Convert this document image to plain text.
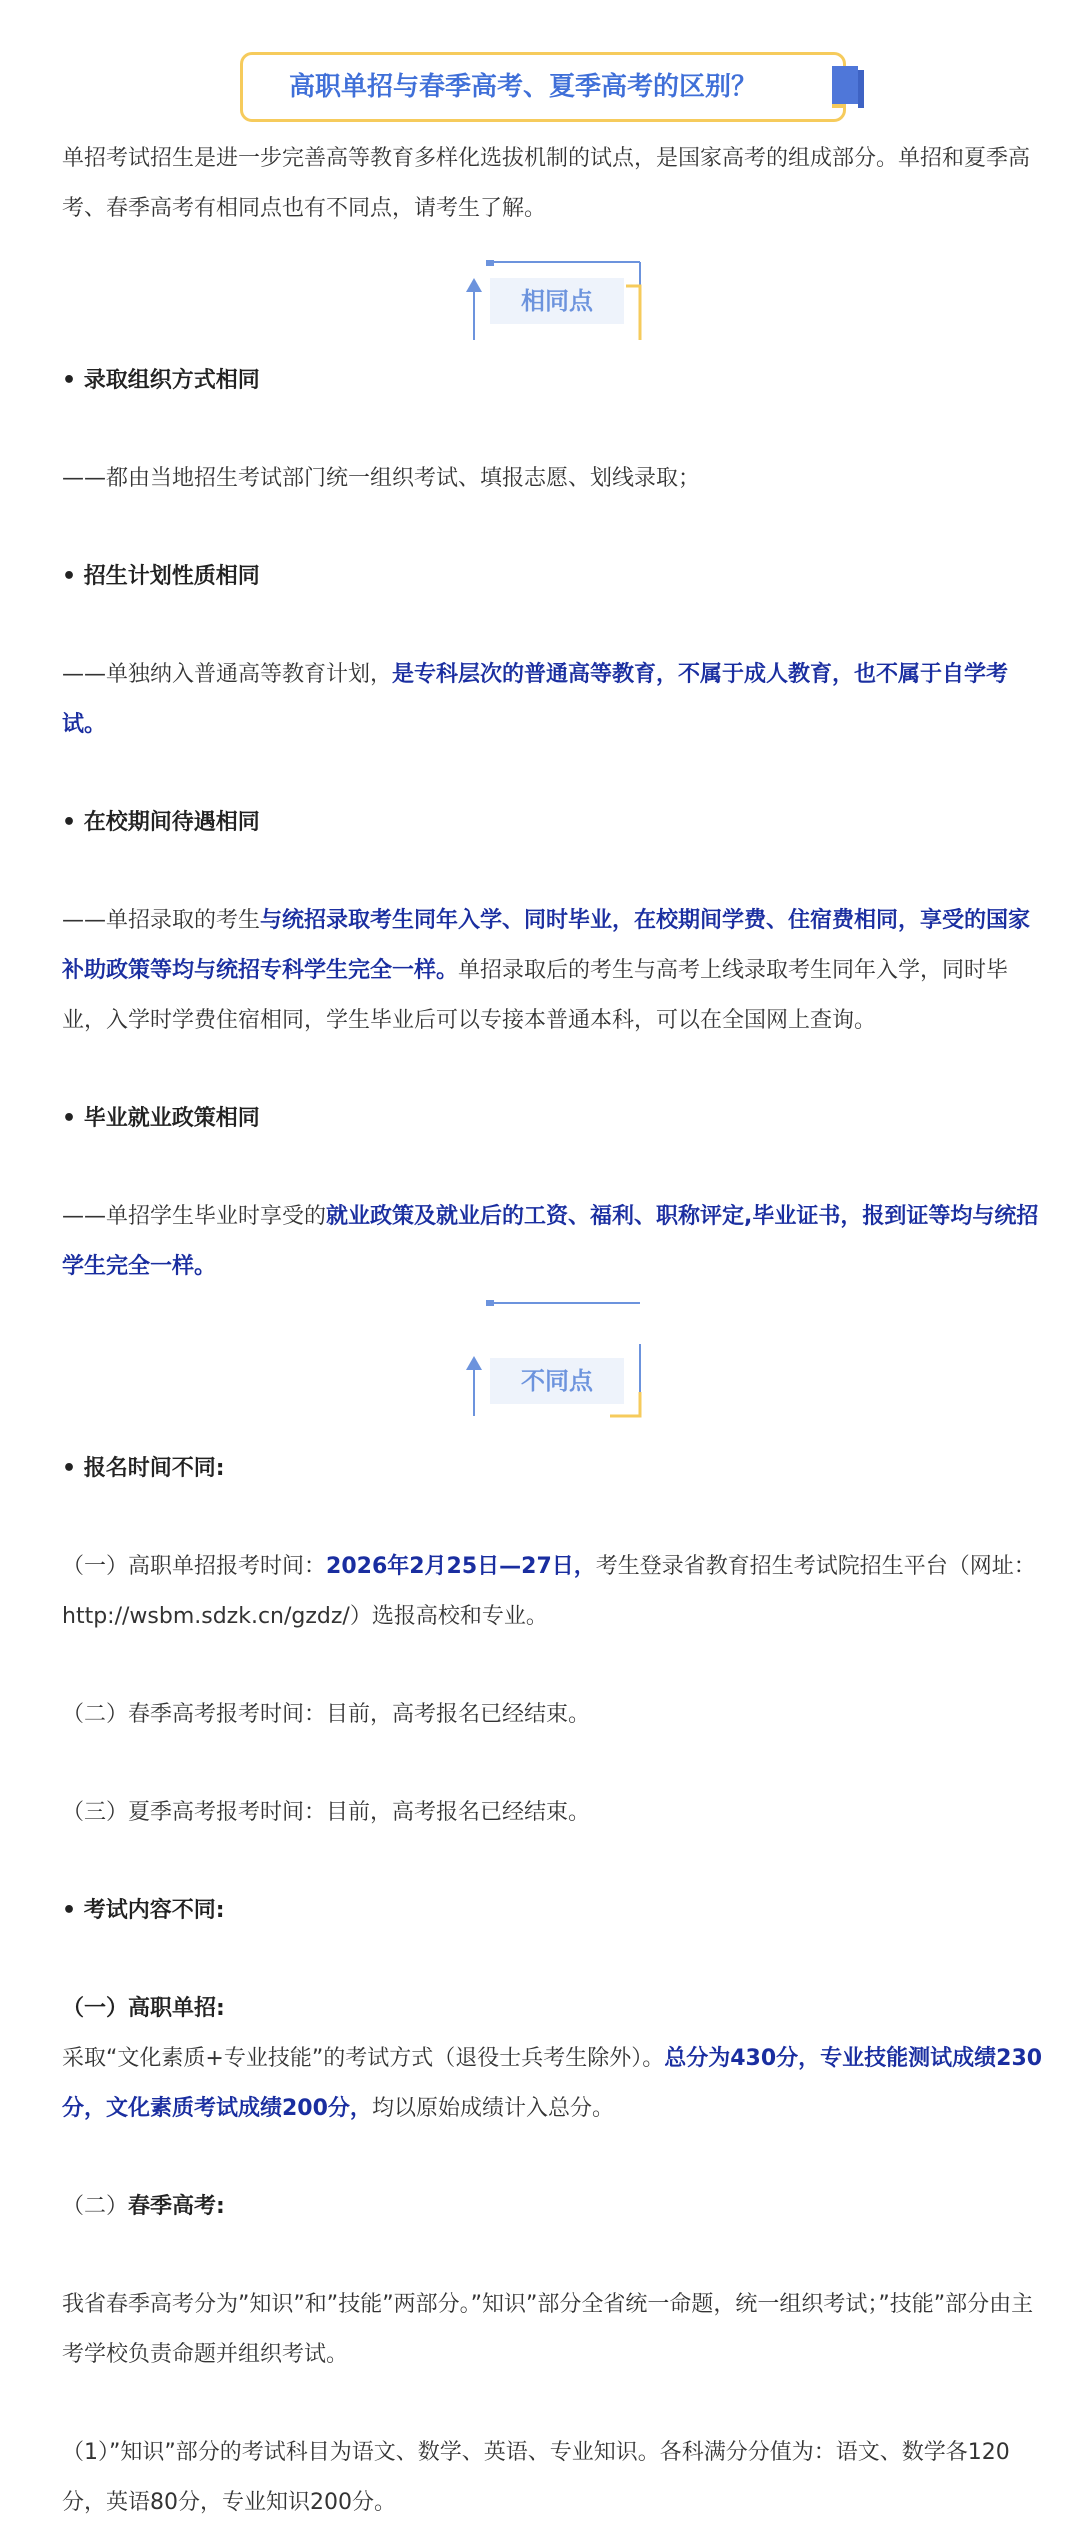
高职单招与春季高考、夏季高考的区别？

单招考试招生是进一步完善高等教育多样化选拔机制的试点，是国家高考的组成部分。单招和夏季高考、春季高考有相同点也有不同点，请考生了解。

相同点

• 录取组织方式相同

——都由当地招生考试部门统一组织考试、填报志愿、划线录取；

• 招生计划性质相同

——单独纳入普通高等教育计划，是专科层次的普通高等教育，不属于成人教育，也不属于自学考试。

• 在校期间待遇相同

——单招录取的考生与统招录取考生同年入学、同时毕业，在校期间学费、住宿费相同，享受的国家补助政策等均与统招专科学生完全一样。单招录取后的考生与高考上线录取考生同年入学，同时毕业，入学时学费住宿相同，学生毕业后可以专接本普通本科，可以在全国网上查询。

• 毕业就业政策相同

——单招学生毕业时享受的就业政策及就业后的工资、福利、职称评定,毕业证书，报到证等均与统招学生完全一样。

不同点

• 报名时间不同:

（一）高职单招报考时间：2026年2月25日—27日，考生登录省教育招生考试院招生平台（网址：http://wsbm.sdzk.cn/gzdz/）选报高校和专业。

（二）春季高考报考时间：目前，高考报名已经结束。

（三）夏季高考报考时间：目前，高考报名已经结束。

• 考试内容不同:

（一）高职单招:

采取“文化素质+专业技能”的考试方式（退役士兵考生除外）。总分为430分，专业技能测试成绩230分，文化素质考试成绩200分，均以原始成绩计入总分。

（二）春季高考:

我省春季高考分为”知识”和”技能”两部分。”知识”部分全省统一命题，统一组织考试；”技能”部分由主考学校负责命题并组织考试。

（1）”知识”部分的考试科目为语文、数学、英语、专业知识。各科满分分值为：语文、数学各120分，英语80分，专业知识200分。
